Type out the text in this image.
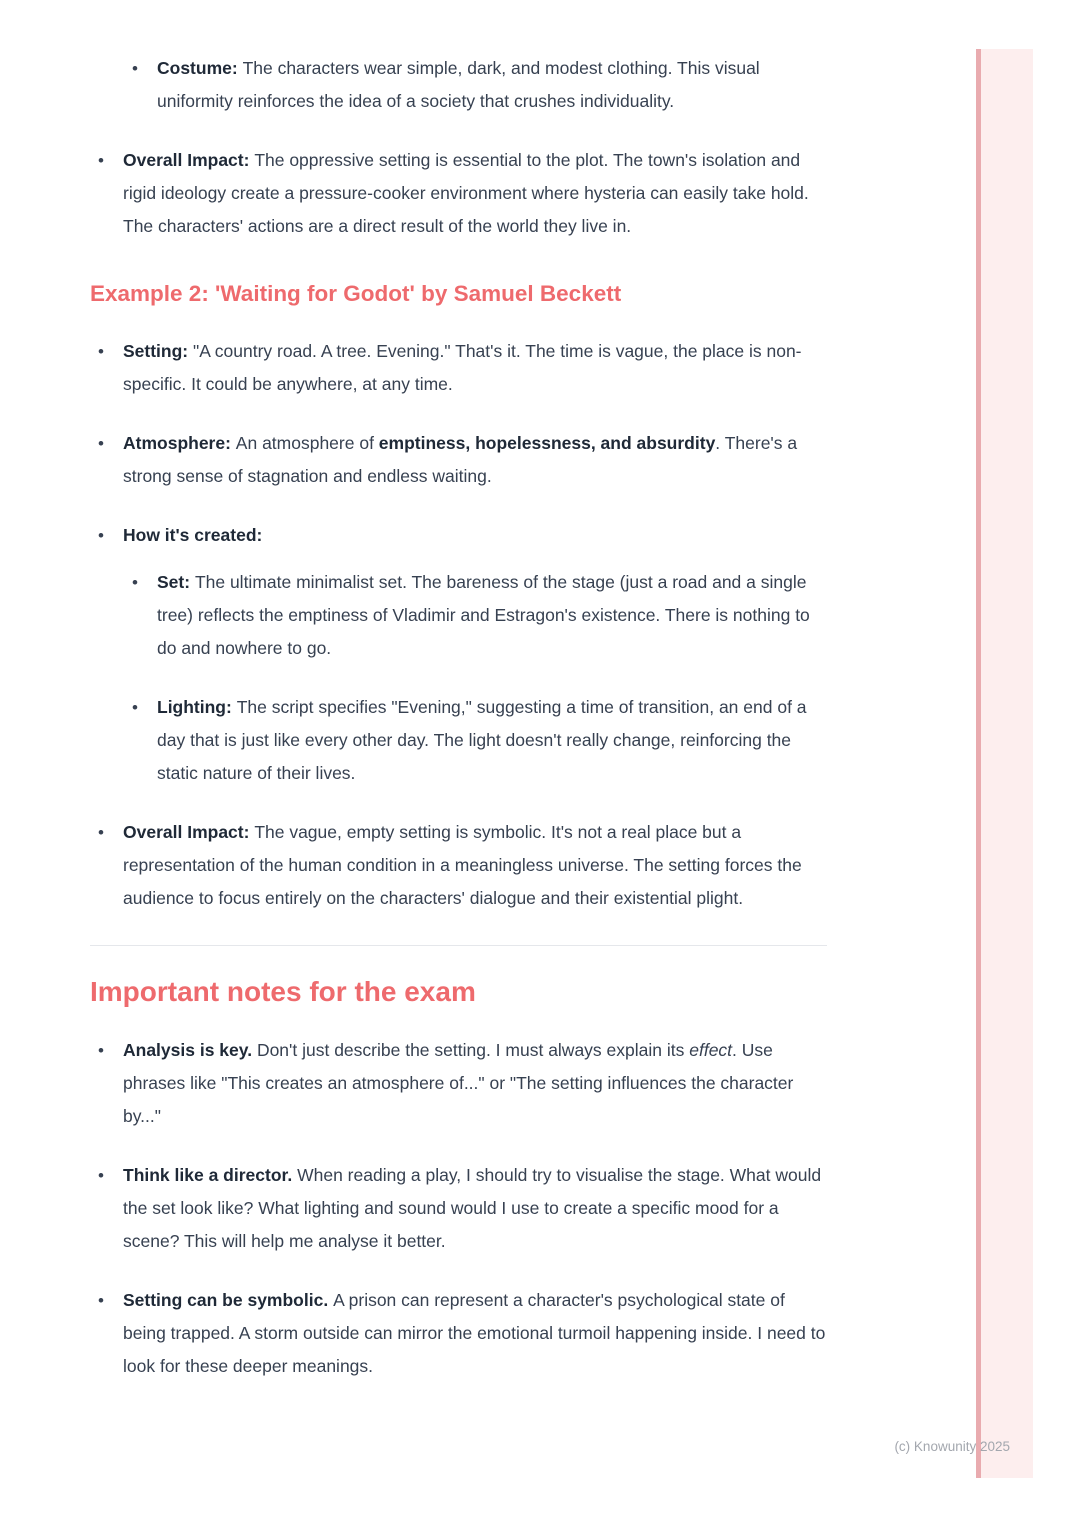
•	Costume: The characters wear simple, dark, and modest clothing. This visual uniformity reinforces the idea of a society that crushes individuality.
•	Overall Impact: The oppressive setting is essential to the plot. The town's isolation and rigid ideology create a pressure-cooker environment where hysteria can easily take hold. The characters' actions are a direct result of the world they live in.
Example 2: 'Waiting for Godot' by Samuel Beckett
•	Setting: "A country road. A tree. Evening." That's it. The time is vague, the place is non-specific. It could be anywhere, at any time.
•	Atmosphere: An atmosphere of emptiness, hopelessness, and absurdity. There's a strong sense of stagnation and endless waiting.
•	How it's created:
•	Set: The ultimate minimalist set. The bareness of the stage (just a road and a single tree) reflects the emptiness of Vladimir and Estragon's existence. There is nothing to do and nowhere to go.
•	Lighting: The script specifies "Evening," suggesting a time of transition, an end of a day that is just like every other day. The light doesn't really change, reinforcing the static nature of their lives.
•	Overall Impact: The vague, empty setting is symbolic. It's not a real place but a representation of the human condition in a meaningless universe. The setting forces the audience to focus entirely on the characters' dialogue and their existential plight.
Important notes for the exam
•	Analysis is key. Don't just describe the setting. I must always explain its effect. Use phrases like "This creates an atmosphere of..." or "The setting influences the character by..."
•	Think like a director. When reading a play, I should try to visualise the stage. What would the set look like? What lighting and sound would I use to create a specific mood for a scene? This will help me analyse it better.
•	Setting can be symbolic. A prison can represent a character's psychological state of being trapped. A storm outside can mirror the emotional turmoil happening inside. I need to look for these deeper meanings.
(c) Knowunity 2025
